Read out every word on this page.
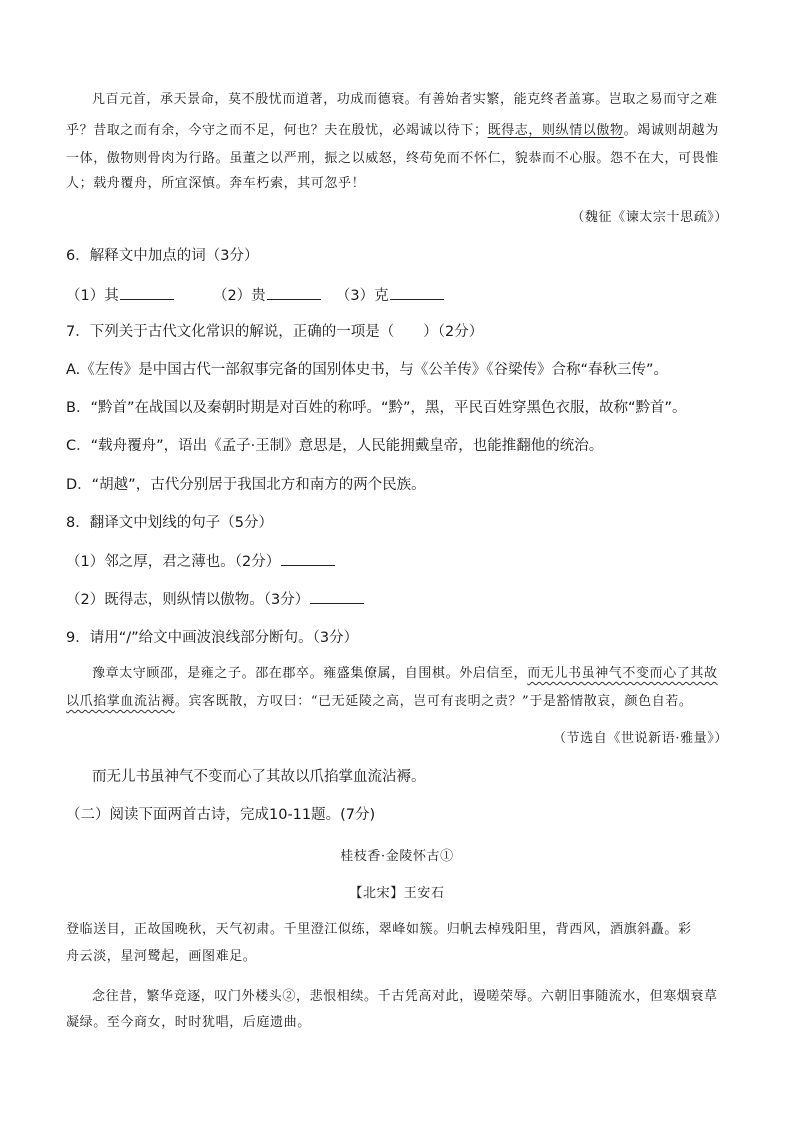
凡百元首，承天景命，莫不殷忧而道著，功成而德衰。有善始者实繁，能克终者盖寡。岂取之易而守之难
乎？昔取之而有余，今守之而不足，何也？夫在殷忧，必竭诚以待下；既得志，则纵情以傲物。竭诚则胡越为
一体，傲物则骨肉为行路。虽董之以严刑，振之以威怒，终苟免而不怀仁，貌恭而不心服。怨不在大，可畏惟
人；载舟覆舟，所宜深慎。奔车朽索，其可忽乎！
（魏征《谏太宗十思疏》）
6．解释文中加点的词（3分）
（1）其	（2）贵	（3）克
7．下列关于古代文化常识的解说，正确的一项是（　　）（2分）
A.《左传》是中国古代一部叙事完备的国别体史书，与《公羊传》《谷梁传》合称“春秋三传”。
B．“黔首”在战国以及秦朝时期是对百姓的称呼。“黔”，黑，平民百姓穿黑色衣服，故称“黔首”。
C．“载舟覆舟”，语出《孟子·王制》意思是，人民能拥戴皇帝，也能推翻他的统治。
D．“胡越”，古代分别居于我国北方和南方的两个民族。
8．翻译文中划线的句子（5分）
（1）邻之厚，君之薄也。（2分）
（2）既得志，则纵情以傲物。（3分）
9．请用“/”给文中画波浪线部分断句。（3分）
豫章太守顾邵，是雍之子。邵在郡卒。雍盛集僚属，自围棋。外启信至，而无儿书虽神气不变而心了其故
以爪掐掌血流沾褥。宾客既散，方叹曰：“已无延陵之高，岂可有丧明之责？”于是豁情散哀，颜色自若。
（节选自《世说新语·雅量》）
而无儿书虽神气不变而心了其故以爪掐掌血流沾褥。
（二）阅读下面两首古诗，完成10-11题。(7分)
桂枝香·金陵怀古①
【北宋】王安石
登临送目，正故国晚秋，天气初肃。千里澄江似练，翠峰如簇。归帆去棹残阳里，背西风，酒旗斜矗。彩
舟云淡，星河鹭起，画图难足。
念往昔，繁华竞逐，叹门外楼头②，悲恨相续。千古凭高对此，谩嗟荣辱。六朝旧事随流水，但寒烟衰草
凝绿。至今商女，时时犹唱，后庭遗曲。
